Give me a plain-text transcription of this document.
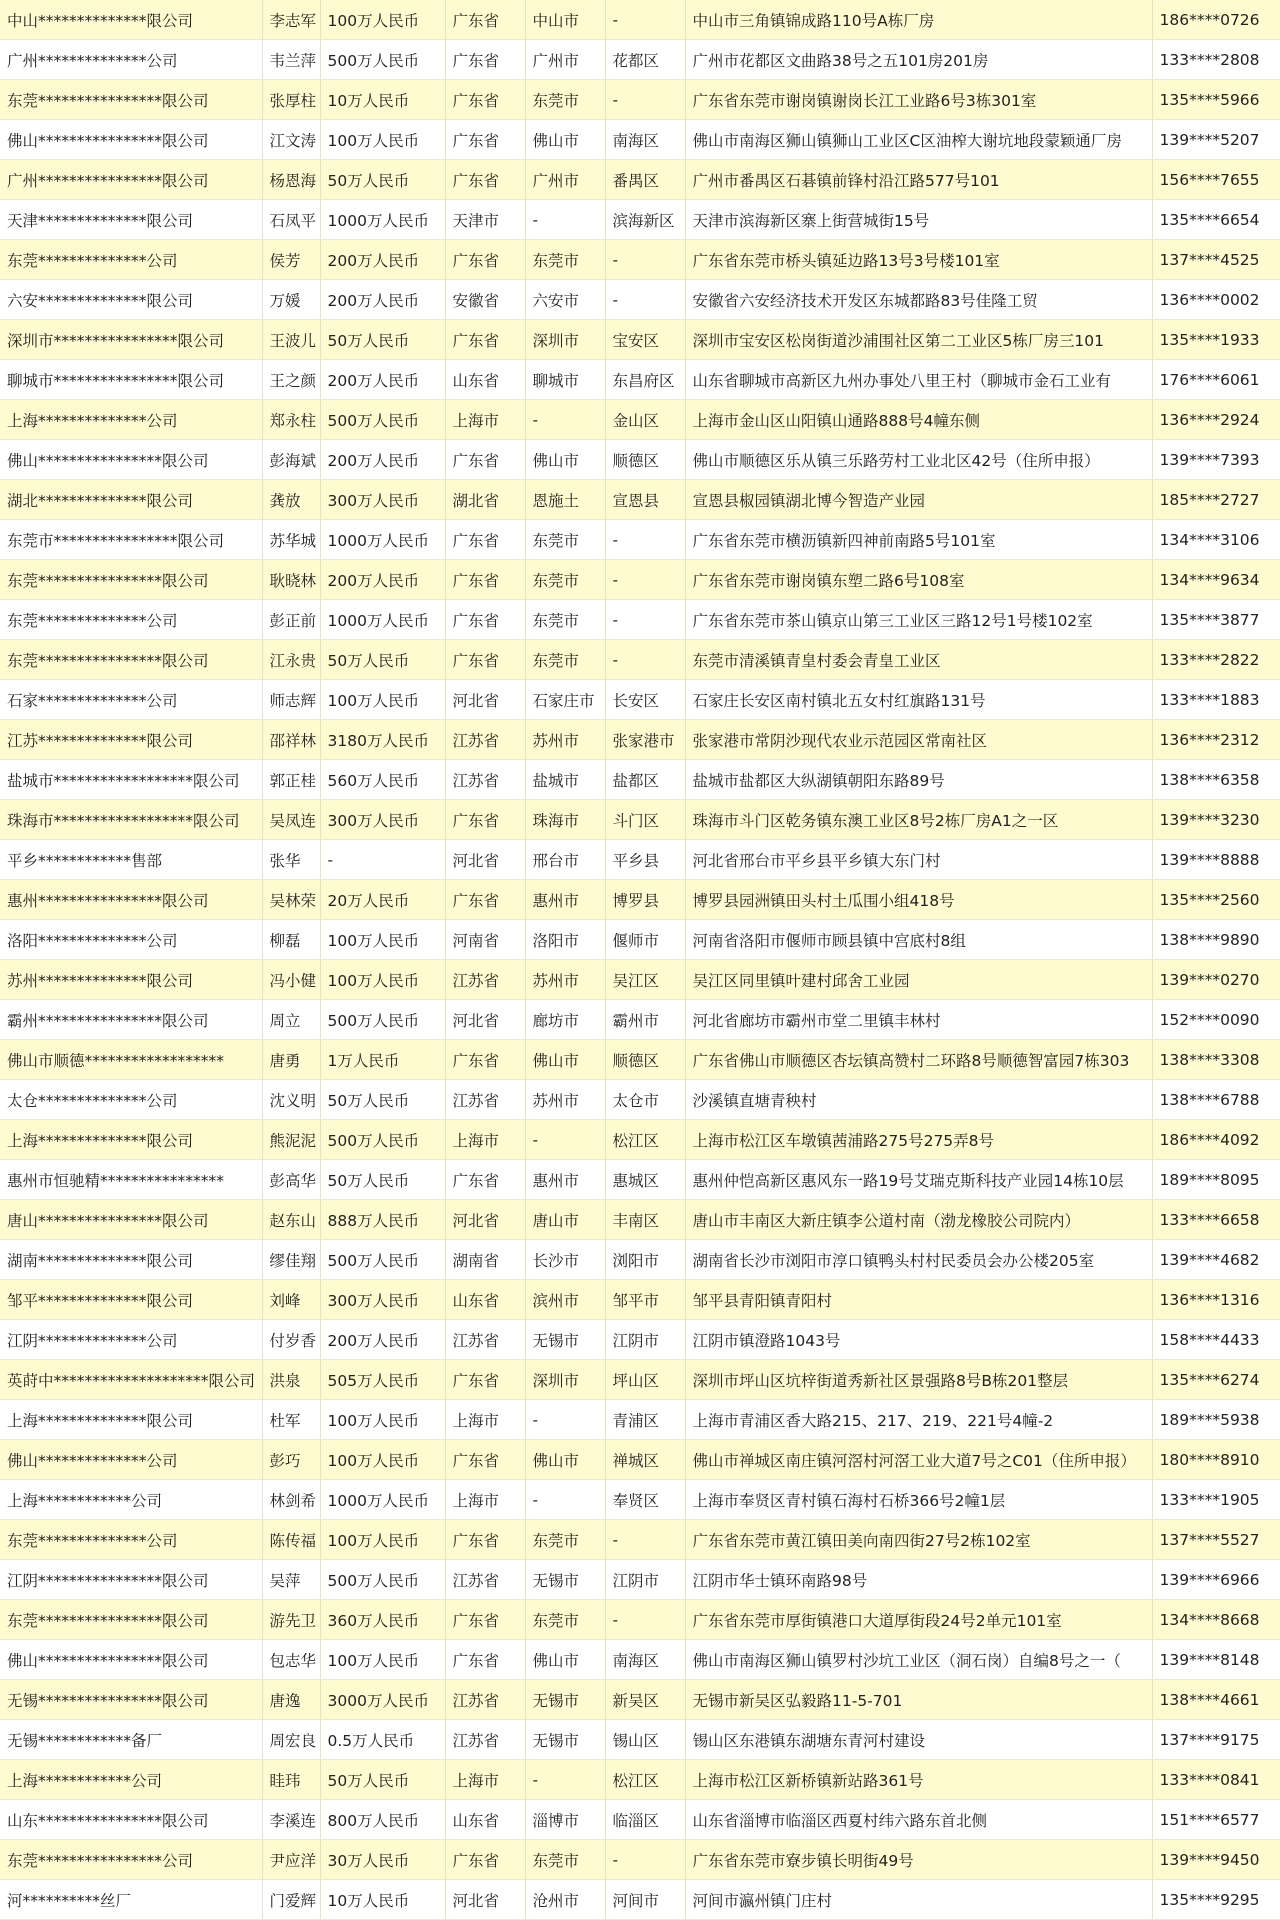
中山**************限公司	李志军	100万人民币	广东省	中山市	-	中山市三角镇锦成路110号A栋厂房	186****0726
广州**************公司	韦兰萍	500万人民币	广东省	广州市	花都区	广州市花都区文曲路38号之五101房201房	133****2808
东莞****************限公司	张厚柱	10万人民币	广东省	东莞市	-	广东省东莞市谢岗镇谢岗长江工业路6号3栋301室	135****5966
佛山****************限公司	江文涛	100万人民币	广东省	佛山市	南海区	佛山市南海区狮山镇狮山工业区C区油榨大谢坑地段蒙颖通厂房	139****5207
广州****************限公司	杨恩海	50万人民币	广东省	广州市	番禺区	广州市番禺区石碁镇前锋村沿江路577号101	156****7655
天津**************限公司	石凤平	1000万人民币	天津市	-	滨海新区	天津市滨海新区寨上街营城街15号	135****6654
东莞**************公司	侯芳	200万人民币	广东省	东莞市	-	广东省东莞市桥头镇延边路13号3号楼101室	137****4525
六安**************限公司	万媛	200万人民币	安徽省	六安市	-	安徽省六安经济技术开发区东城都路83号佳隆工贸	136****0002
深圳市****************限公司	王波儿	50万人民币	广东省	深圳市	宝安区	深圳市宝安区松岗街道沙浦围社区第二工业区5栋厂房三101	135****1933
聊城市****************限公司	王之颜	200万人民币	山东省	聊城市	东昌府区	山东省聊城市高新区九州办事处八里王村（聊城市金石工业有	176****6061
上海**************公司	郑永柱	500万人民币	上海市	-	金山区	上海市金山区山阳镇山通路888号4幢东侧	136****2924
佛山****************限公司	彭海斌	200万人民币	广东省	佛山市	顺德区	佛山市顺德区乐从镇三乐路劳村工业北区42号（住所申报）	139****7393
湖北**************限公司	龚放	300万人民币	湖北省	恩施土	宣恩县	宣恩县椒园镇湖北博今智造产业园	185****2727
东莞市****************限公司	苏华城	1000万人民币	广东省	东莞市	-	广东省东莞市横沥镇新四神前南路5号101室	134****3106
东莞****************限公司	耿晓林	200万人民币	广东省	东莞市	-	广东省东莞市谢岗镇东塑二路6号108室	134****9634
东莞**************公司	彭正前	1000万人民币	广东省	东莞市	-	广东省东莞市茶山镇京山第三工业区三路12号1号楼102室	135****3877
东莞****************限公司	江永贵	50万人民币	广东省	东莞市	-	东莞市清溪镇青皇村委会青皇工业区	133****2822
石家**************公司	师志辉	100万人民币	河北省	石家庄市	长安区	石家庄长安区南村镇北五女村红旗路131号	133****1883
江苏**************限公司	邵祥林	3180万人民币	江苏省	苏州市	张家港市	张家港市常阴沙现代农业示范园区常南社区	136****2312
盐城市******************限公司	郭正桂	560万人民币	江苏省	盐城市	盐都区	盐城市盐都区大纵湖镇朝阳东路89号	138****6358
珠海市******************限公司	吴凤连	300万人民币	广东省	珠海市	斗门区	珠海市斗门区乾务镇东澳工业区8号2栋厂房A1之一区	139****3230
平乡************售部	张华	-	河北省	邢台市	平乡县	河北省邢台市平乡县平乡镇大东门村	139****8888
惠州****************限公司	吴林荣	20万人民币	广东省	惠州市	博罗县	博罗县园洲镇田头村土瓜围小组418号	135****2560
洛阳**************公司	柳磊	100万人民币	河南省	洛阳市	偃师市	河南省洛阳市偃师市顾县镇中宫底村8组	138****9890
苏州**************限公司	冯小健	100万人民币	江苏省	苏州市	吴江区	吴江区同里镇叶建村邱舍工业园	139****0270
霸州****************限公司	周立	500万人民币	河北省	廊坊市	霸州市	河北省廊坊市霸州市堂二里镇丰林村	152****0090
佛山市顺德******************	唐勇	1万人民币	广东省	佛山市	顺德区	广东省佛山市顺德区杏坛镇高赞村二环路8号顺德智富园7栋303	138****3308
太仓**************公司	沈义明	50万人民币	江苏省	苏州市	太仓市	沙溪镇直塘青秧村	138****6788
上海**************限公司	熊泥泥	500万人民币	上海市	-	松江区	上海市松江区车墩镇茜浦路275号275弄8号	186****4092
惠州市恒驰精****************	彭高华	50万人民币	广东省	惠州市	惠城区	惠州仲恺高新区惠风东一路19号艾瑞克斯科技产业园14栋10层	189****8095
唐山****************限公司	赵东山	888万人民币	河北省	唐山市	丰南区	唐山市丰南区大新庄镇李公道村南（渤龙橡胶公司院内）	133****6658
湖南**************限公司	缪佳翔	500万人民币	湖南省	长沙市	浏阳市	湖南省长沙市浏阳市淳口镇鸭头村村民委员会办公楼205室	139****4682
邹平**************限公司	刘峰	300万人民币	山东省	滨州市	邹平市	邹平县青阳镇青阳村	136****1316
江阴**************公司	付岁香	200万人民币	江苏省	无锡市	江阴市	江阴市镇澄路1043号	158****4433
英莳中********************限公司	洪泉	505万人民币	广东省	深圳市	坪山区	深圳市坪山区坑梓街道秀新社区景强路8号B栋201整层	135****6274
上海**************限公司	杜军	100万人民币	上海市	-	青浦区	上海市青浦区香大路215、217、219、221号4幢-2	189****5938
佛山**************公司	彭巧	100万人民币	广东省	佛山市	禅城区	佛山市禅城区南庄镇河滘村河滘工业大道7号之C01（住所申报）	180****8910
上海************公司	林剑希	1000万人民币	上海市	-	奉贤区	上海市奉贤区青村镇石海村石桥366号2幢1层	133****1905
东莞**************公司	陈传福	100万人民币	广东省	东莞市	-	广东省东莞市黄江镇田美向南四街27号2栋102室	137****5527
江阴****************限公司	吴萍	500万人民币	江苏省	无锡市	江阴市	江阴市华士镇环南路98号	139****6966
东莞****************限公司	游先卫	360万人民币	广东省	东莞市	-	广东省东莞市厚街镇港口大道厚街段24号2单元101室	134****8668
佛山****************限公司	包志华	100万人民币	广东省	佛山市	南海区	佛山市南海区狮山镇罗村沙坑工业区（洞石岗）自编8号之一（	139****8148
无锡****************限公司	唐逸	3000万人民币	江苏省	无锡市	新吴区	无锡市新吴区弘毅路11-5-701	138****4661
无锡************备厂	周宏良	0.5万人民币	江苏省	无锡市	锡山区	锡山区东港镇东湖塘东青河村建设	137****9175
上海************公司	眭玮	50万人民币	上海市	-	松江区	上海市松江区新桥镇新站路361号	133****0841
山东****************限公司	李溪连	800万人民币	山东省	淄博市	临淄区	山东省淄博市临淄区西夏村纬六路东首北侧	151****6577
东莞****************公司	尹应洋	30万人民币	广东省	东莞市	-	广东省东莞市寮步镇长明街49号	139****9450
河**********丝厂	门爱辉	10万人民币	河北省	沧州市	河间市	河间市瀛州镇门庄村	135****9295
